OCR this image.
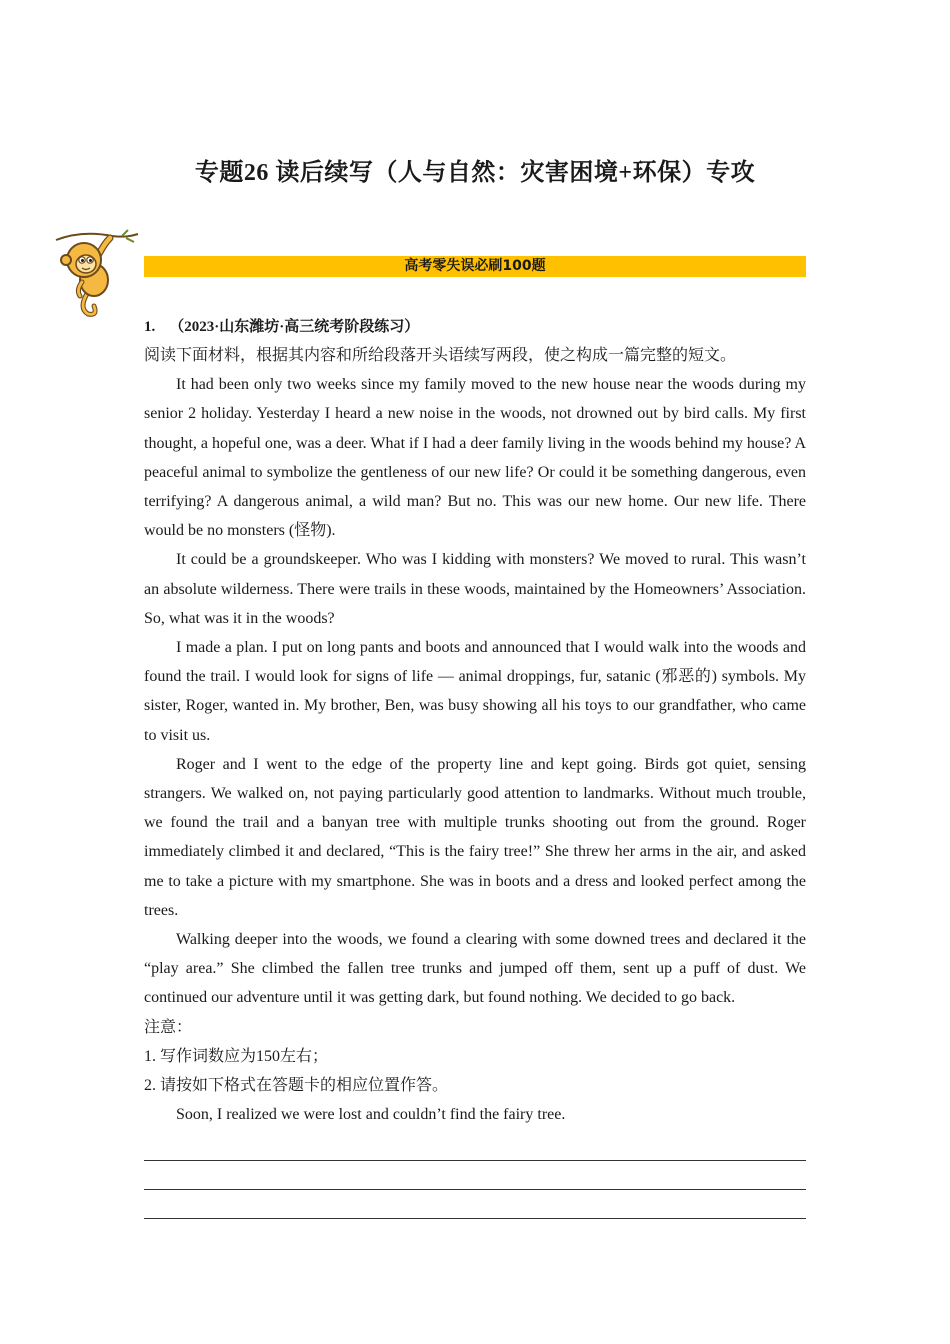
专题26 读后续写（人与自然：灾害困境+环保）专攻
高考零失误必刷100题

1. （2023·山东潍坊·高三统考阶段练习）

阅读下面材料，根据其内容和所给段落开头语续写两段，使之构成一篇完整的短文。

It had been only two weeks since my family moved to the new house near the woods during my senior 2 holiday. Yesterday I heard a new noise in the woods, not drowned out by bird calls. My first thought, a hopeful one, was a deer. What if I had a deer family living in the woods behind my house? A peaceful animal to symbolize the gentleness of our new life? Or could it be something dangerous, even terrifying? A dangerous animal, a wild man? But no. This was our new home. Our new life. There would be no monsters (怪物).

It could be a groundskeeper. Who was I kidding with monsters? We moved to rural. This wasn’t an absolute wilderness. There were trails in these woods, maintained by the Homeowners’ Association. So, what was it in the woods?

I made a plan. I put on long pants and boots and announced that I would walk into the woods and found the trail. I would look for signs of life — animal droppings, fur, satanic (邪恶的) symbols. My sister, Roger, wanted in. My brother, Ben, was busy showing all his toys to our grandfather, who came to visit us.

Roger and I went to the edge of the property line and kept going. Birds got quiet, sensing strangers. We walked on, not paying particularly good attention to landmarks. Without much trouble, we found the trail and a banyan tree with multiple trunks shooting out from the ground. Roger immediately climbed it and declared, “This is the fairy tree!” She threw her arms in the air, and asked me to take a picture with my smartphone. She was in boots and a dress and looked perfect among the trees.

Walking deeper into the woods, we found a clearing with some downed trees and declared it the “play area.” She climbed the fallen tree trunks and jumped off them, sent up a puff of dust. We continued our adventure until it was getting dark, but found nothing. We decided to go back.

注意：

1. 写作词数应为150左右；

2. 请按如下格式在答题卡的相应位置作答。

Soon, I realized we were lost and couldn’t find the fairy tree.
